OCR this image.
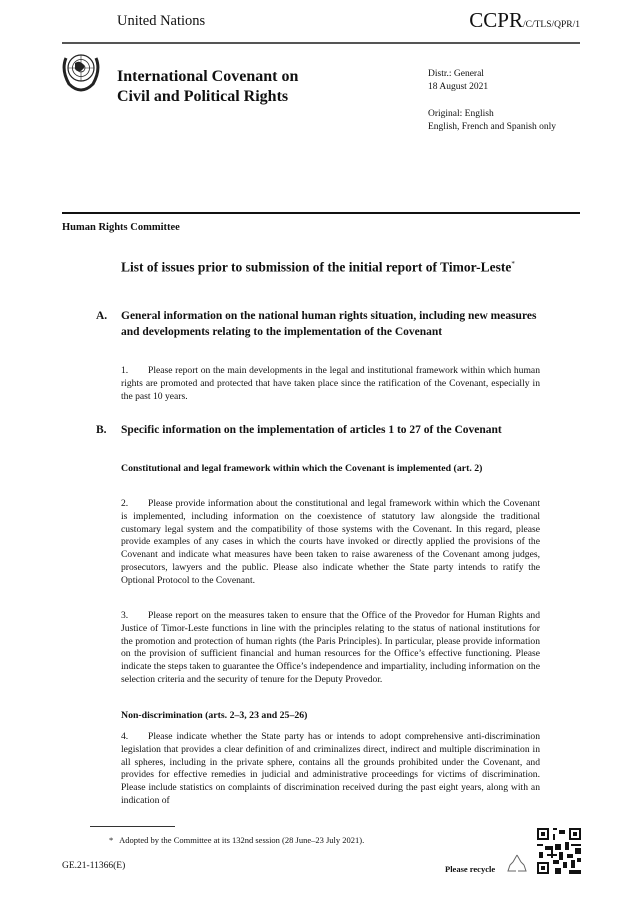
United Nations	CCPR/C/TLS/QPR/1
International Covenant on
Civil and Political Rights
Distr.: General
18 August 2021
Original: English
English, French and Spanish only
Human Rights Committee
List of issues prior to submission of the initial report of Timor-Leste*
A. General information on the national human rights situation, including new measures and developments relating to the implementation of the Covenant
1. Please report on the main developments in the legal and institutional framework within which human rights are promoted and protected that have taken place since the ratification of the Covenant, especially in the past 10 years.
B. Specific information on the implementation of articles 1 to 27 of the Covenant
Constitutional and legal framework within which the Covenant is implemented (art. 2)
2. Please provide information about the constitutional and legal framework within which the Covenant is implemented, including information on the coexistence of statutory law alongside the traditional customary legal system and the compatibility of those systems with the Covenant. In this regard, please provide examples of any cases in which the courts have invoked or directly applied the provisions of the Covenant and indicate what measures have been taken to raise awareness of the Covenant among judges, prosecutors, lawyers and the public. Please also indicate whether the State party intends to ratify the Optional Protocol to the Covenant.
3. Please report on the measures taken to ensure that the Office of the Provedor for Human Rights and Justice of Timor-Leste functions in line with the principles relating to the status of national institutions for the promotion and protection of human rights (the Paris Principles). In particular, please provide information on the provision of sufficient financial and human resources for the Office’s effective functioning. Please indicate the steps taken to guarantee the Office’s independence and impartiality, including information on the selection criteria and the security of tenure for the Deputy Provedor.
Non-discrimination (arts. 2–3, 23 and 25–26)
4. Please indicate whether the State party has or intends to adopt comprehensive anti-discrimination legislation that provides a clear definition of and criminalizes direct, indirect and multiple discrimination in all spheres, including in the private sphere, contains all the grounds prohibited under the Covenant, and provides for effective remedies in judicial and administrative proceedings for victims of discrimination. Please include statistics on complaints of discrimination received during the past eight years, along with an indication of
*   Adopted by the Committee at its 132nd session (28 June–23 July 2021).
GE.21-11366(E)	Please recycle
